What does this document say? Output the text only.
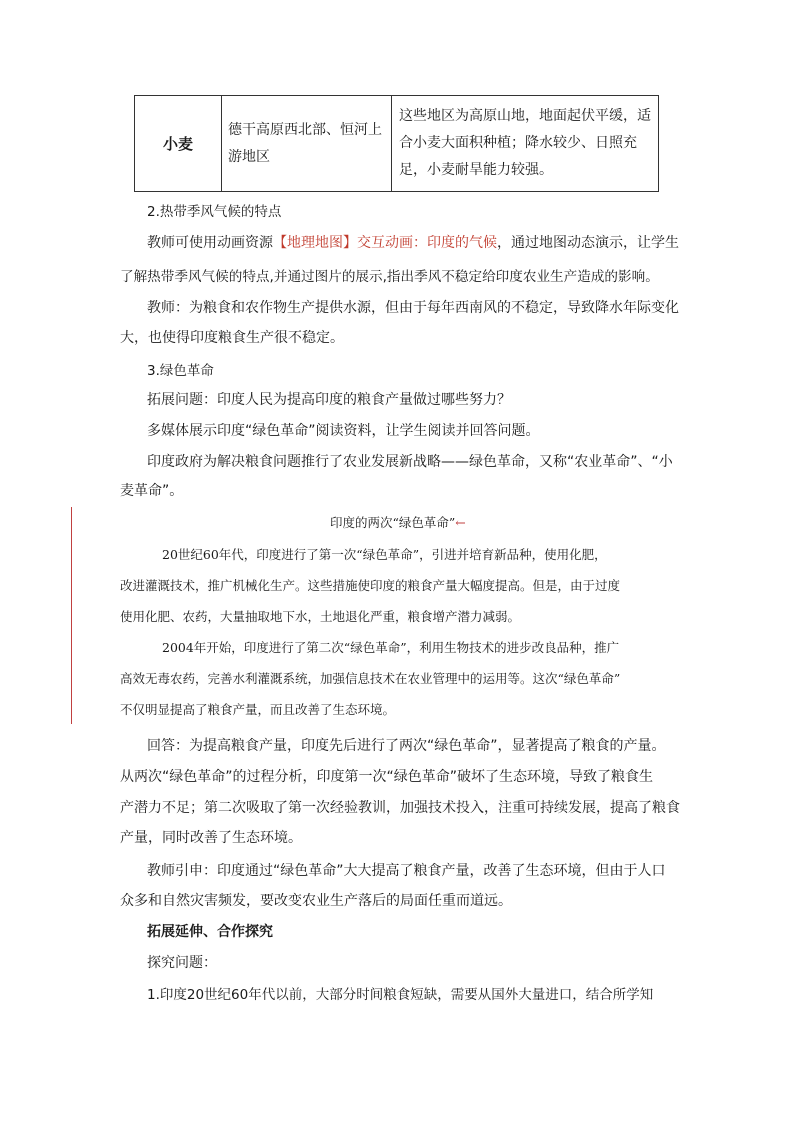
小麦	德干高原西北部、恒河上游地区	这些地区为高原山地，地面起伏平缓，适合小麦大面积种植；降水较少、日照充足，小麦耐旱能力较强。

2.热带季风气候的特点

教师可使用动画资源【地理地图】交互动画：印度的气候，通过地图动态演示，让学生

了解热带季风气候的特点,并通过图片的展示,指出季风不稳定给印度农业生产造成的影响。

教师：为粮食和农作物生产提供水源，但由于每年西南风的不稳定，导致降水年际变化

大，也使得印度粮食生产很不稳定。

3.绿色革命

拓展问题：印度人民为提高印度的粮食产量做过哪些努力？

多媒体展示印度“绿色革命”阅读资料，让学生阅读并回答问题。

印度政府为解决粮食问题推行了农业发展新战略——绿色革命，又称“农业革命”、“小

麦革命”。

印度的两次“绿色革命”←

20世纪60年代，印度进行了第一次“绿色革命”，引进并培育新品种，使用化肥，

改进灌溉技术，推广机械化生产。这些措施使印度的粮食产量大幅度提高。但是，由于过度

使用化肥、农药，大量抽取地下水，土地退化严重，粮食增产潜力减弱。

2004年开始，印度进行了第二次“绿色革命”，利用生物技术的进步改良品种，推广

高效无毒农药，完善水利灌溉系统，加强信息技术在农业管理中的运用等。这次“绿色革命”

不仅明显提高了粮食产量，而且改善了生态环境。

回答：为提高粮食产量，印度先后进行了两次“绿色革命”，显著提高了粮食的产量。

从两次“绿色革命”的过程分析，印度第一次“绿色革命”破坏了生态环境，导致了粮食生

产潜力不足；第二次吸取了第一次经验教训，加强技术投入，注重可持续发展，提高了粮食

产量，同时改善了生态环境。

教师引申：印度通过“绿色革命”大大提高了粮食产量，改善了生态环境，但由于人口

众多和自然灾害频发，要改变农业生产落后的局面任重而道远。

拓展延伸、合作探究

探究问题：

1.印度20世纪60年代以前，大部分时间粮食短缺，需要从国外大量进口，结合所学知
